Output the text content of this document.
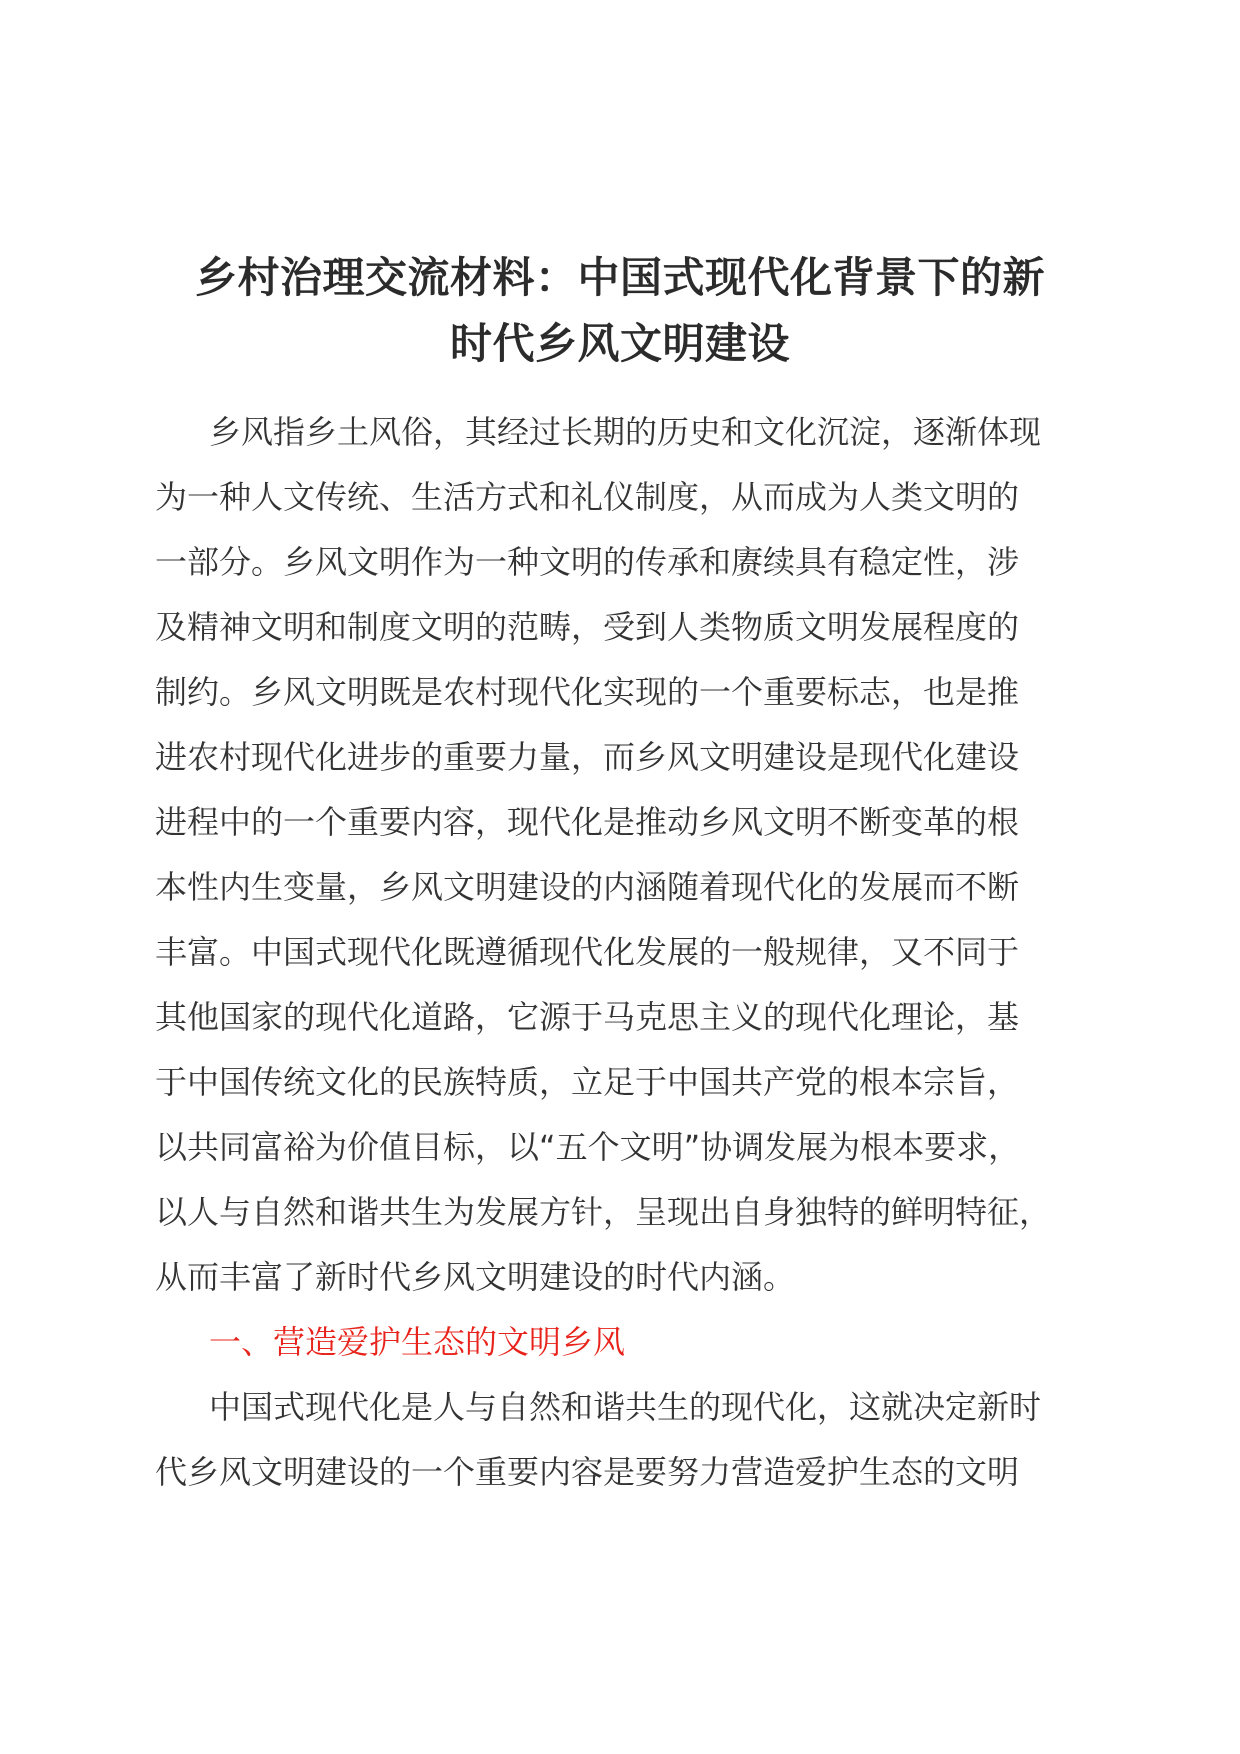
乡村治理交流材料：中国式现代化背景下的新
时代乡风文明建设
乡风指乡土风俗，其经过长期的历史和文化沉淀，逐渐体现
为一种人文传统、生活方式和礼仪制度，从而成为人类文明的
一部分。乡风文明作为一种文明的传承和赓续具有稳定性，涉
及精神文明和制度文明的范畴，受到人类物质文明发展程度的
制约。乡风文明既是农村现代化实现的一个重要标志，也是推
进农村现代化进步的重要力量，而乡风文明建设是现代化建设
进程中的一个重要内容，现代化是推动乡风文明不断变革的根
本性内生变量，乡风文明建设的内涵随着现代化的发展而不断
丰富。中国式现代化既遵循现代化发展的一般规律，又不同于
其他国家的现代化道路，它源于马克思主义的现代化理论，基
于中国传统文化的民族特质，立足于中国共产党的根本宗旨，
以共同富裕为价值目标，以“五个文明”协调发展为根本要求，
以人与自然和谐共生为发展方针，呈现出自身独特的鲜明特征，
从而丰富了新时代乡风文明建设的时代内涵。
一、营造爱护生态的文明乡风
中国式现代化是人与自然和谐共生的现代化，这就决定新时
代乡风文明建设的一个重要内容是要努力营造爱护生态的文明
